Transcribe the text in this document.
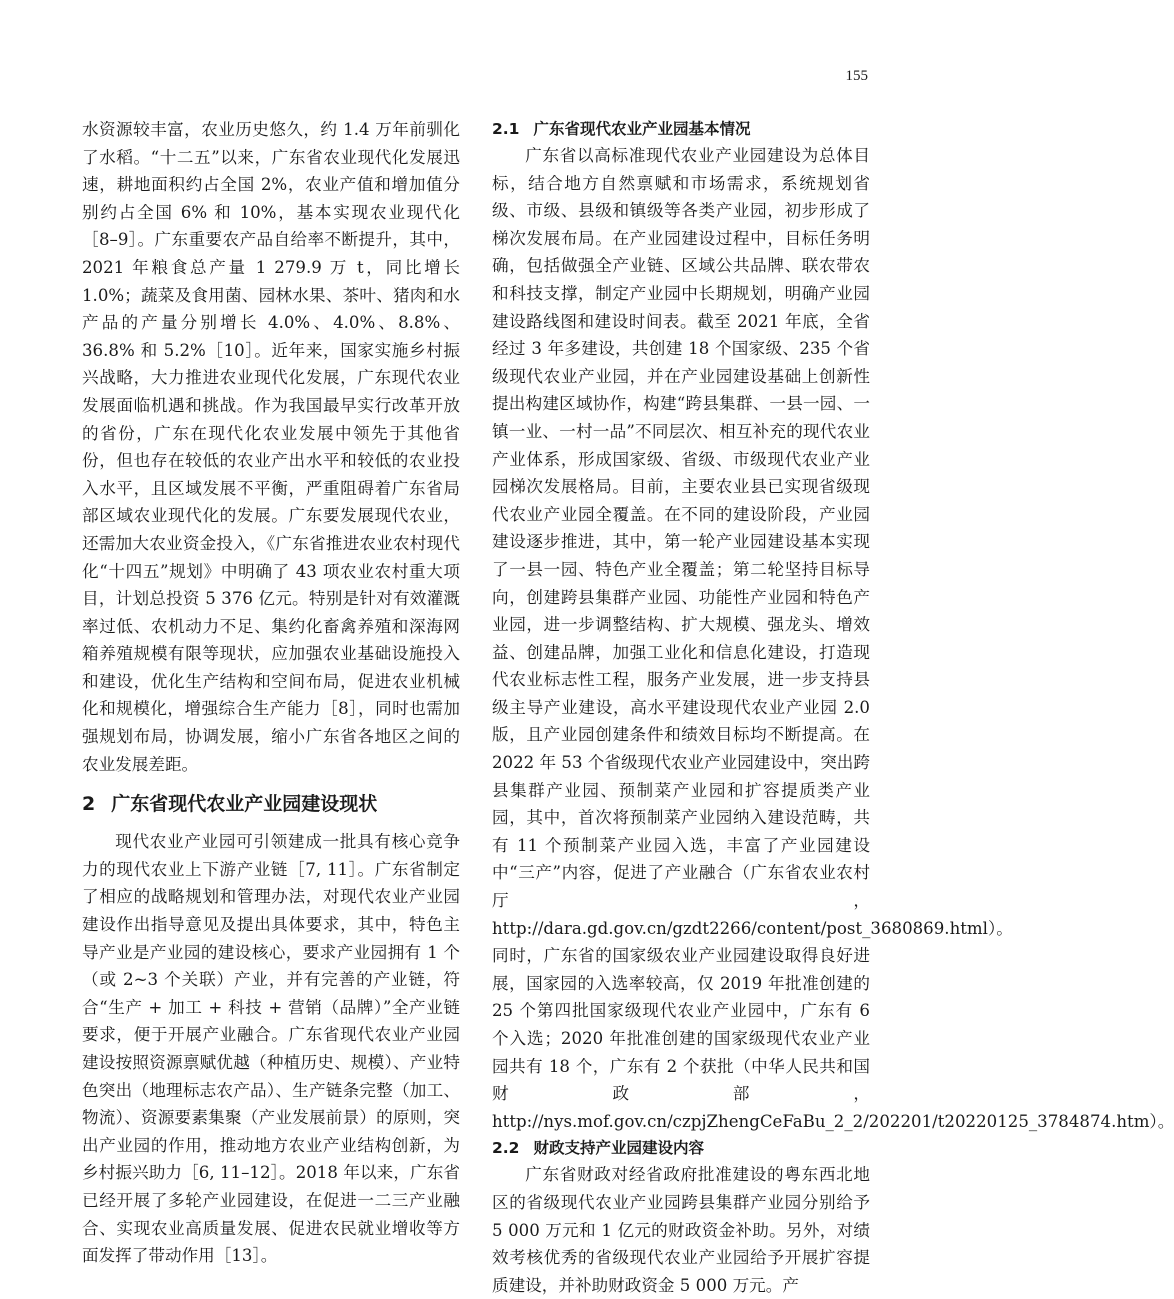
155

水资源较丰富，农业历史悠久，约 1.4 万年前驯化了水稻。“十二五”以来，广东省农业现代化发展迅速，耕地面积约占全国 2%，农业产值和增加值分别约占全国 6% 和 10%，基本实现农业现代化［8–9］。广东重要农产品自给率不断提升，其中，2021 年粮食总产量 1 279.9 万 t，同比增长 1.0%；蔬菜及食用菌、园林水果、茶叶、猪肉和水产品的产量分别增长 4.0%、4.0%、8.8%、36.8% 和 5.2%［10］。近年来，国家实施乡村振兴战略，大力推进农业现代化发展，广东现代农业发展面临机遇和挑战。作为我国最早实行改革开放的省份，广东在现代化农业发展中领先于其他省份，但也存在较低的农业产出水平和较低的农业投入水平，且区域发展不平衡，严重阻碍着广东省局部区域农业现代化的发展。广东要发展现代农业，还需加大农业资金投入，《广东省推进农业农村现代化“十四五”规划》中明确了 43 项农业农村重大项目，计划总投资 5 376 亿元。特别是针对有效灌溉率过低、农机动力不足、集约化畜禽养殖和深海网箱养殖规模有限等现状，应加强农业基础设施投入和建设，优化生产结构和空间布局，促进农业机械化和规模化，增强综合生产能力［8］，同时也需加强规划布局，协调发展，缩小广东省各地区之间的农业发展差距。

2 广东省现代农业产业园建设现状

现代农业产业园可引领建成一批具有核心竞争力的现代农业上下游产业链［7, 11］。广东省制定了相应的战略规划和管理办法，对现代农业产业园建设作出指导意见及提出具体要求，其中，特色主导产业是产业园的建设核心，要求产业园拥有 1 个（或 2~3 个关联）产业，并有完善的产业链，符合“生产 + 加工 + 科技 + 营销（品牌）”全产业链要求，便于开展产业融合。广东省现代农业产业园建设按照资源禀赋优越（种植历史、规模）、产业特色突出（地理标志农产品）、生产链条完整（加工、物流）、资源要素集聚（产业发展前景）的原则，突出产业园的作用，推动地方农业产业结构创新，为乡村振兴助力［6, 11–12］。2018 年以来，广东省已经开展了多轮产业园建设，在促进一二三产业融合、实现农业高质量发展、促进农民就业增收等方面发挥了带动作用［13］。

2.1 广东省现代农业产业园基本情况

广东省以高标准现代农业产业园建设为总体目标，结合地方自然禀赋和市场需求，系统规划省级、市级、县级和镇级等各类产业园，初步形成了梯次发展布局。在产业园建设过程中，目标任务明确，包括做强全产业链、区域公共品牌、联农带农和科技支撑，制定产业园中长期规划，明确产业园建设路线图和建设时间表。截至 2021 年底，全省经过 3 年多建设，共创建 18 个国家级、235 个省级现代农业产业园，并在产业园建设基础上创新性提出构建区域协作，构建“跨县集群、一县一园、一镇一业、一村一品”不同层次、相互补充的现代农业产业体系，形成国家级、省级、市级现代农业产业园梯次发展格局。目前，主要农业县已实现省级现代农业产业园全覆盖。在不同的建设阶段，产业园建设逐步推进，其中，第一轮产业园建设基本实现了一县一园、特色产业全覆盖；第二轮坚持目标导向，创建跨县集群产业园、功能性产业园和特色产业园，进一步调整结构、扩大规模、强龙头、增效益、创建品牌，加强工业化和信息化建设，打造现代农业标志性工程，服务产业发展，进一步支持县级主导产业建设，高水平建设现代农业产业园 2.0 版，且产业园创建条件和绩效目标均不断提高。在 2022 年 53 个省级现代农业产业园建设中，突出跨县集群产业园、预制菜产业园和扩容提质类产业园，其中，首次将预制菜产业园纳入建设范畴，共有 11 个预制菜产业园入选，丰富了产业园建设中“三产”内容，促进了产业融合（广东省农业农村厅，http://dara.gd.gov.cn/gzdt2266/content/post_3680869.html）。同时，广东省的国家级农业产业园建设取得良好进展，国家园的入选率较高，仅 2019 年批准创建的 25 个第四批国家级现代农业产业园中，广东有 6 个入选；2020 年批准创建的国家级现代农业产业园共有 18 个，广东有 2 个获批（中华人民共和国财政部，http://nys.mof.gov.cn/czpjZhengCeFaBu_2_2/202201/t20220125_3784874.htm）。

2.2 财政支持产业园建设内容

广东省财政对经省政府批准建设的粤东西北地区的省级现代农业产业园跨县集群产业园分别给予 5 000 万元和 1 亿元的财政资金补助。另外，对绩效考核优秀的省级现代农业产业园给予开展扩容提质建设，并补助财政资金 5 000 万元。产
